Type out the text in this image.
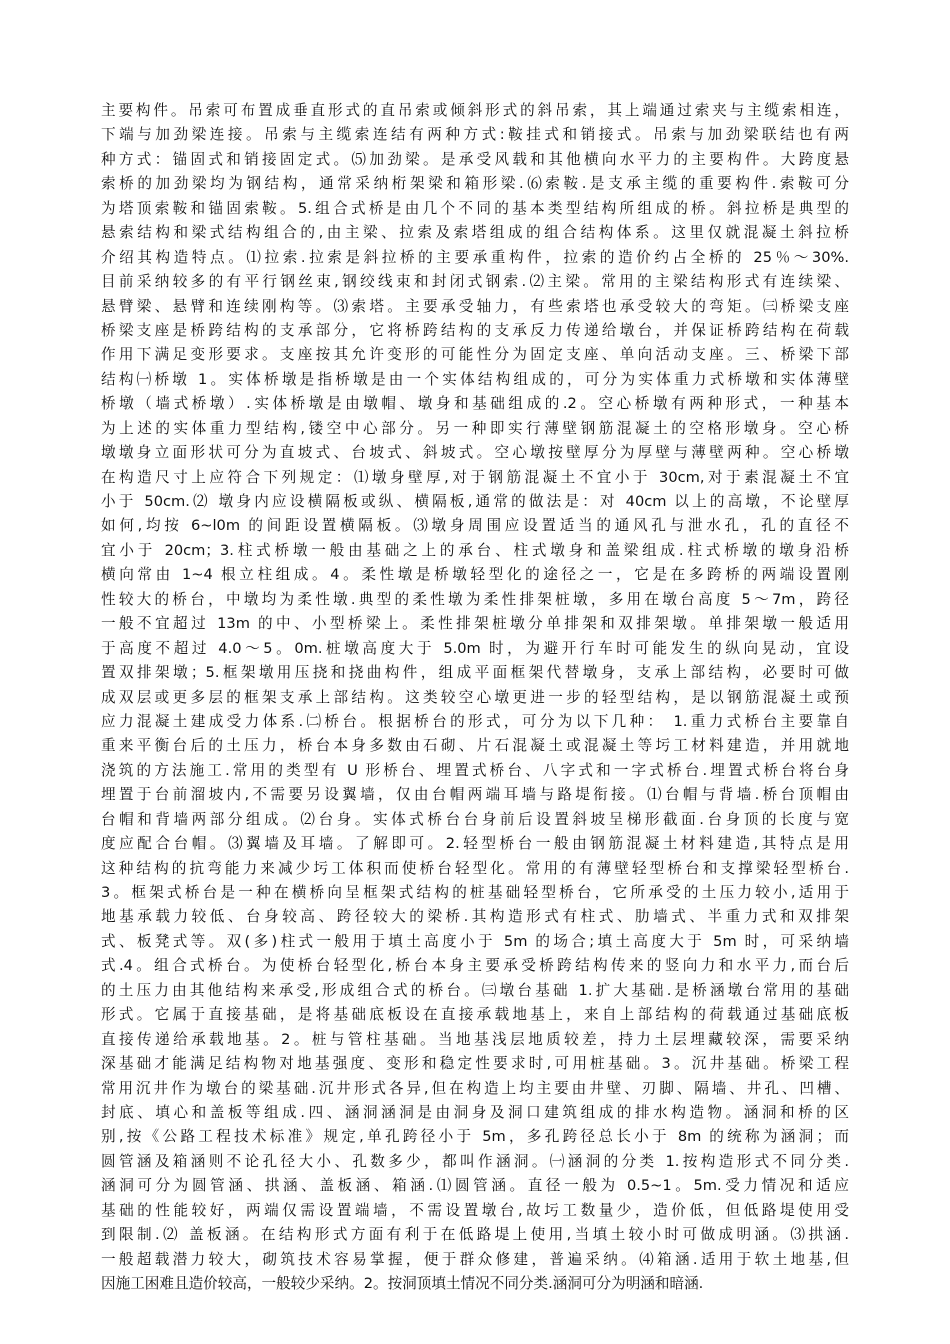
主要构件。吊索可布置成垂直形式的直吊索或倾斜形式的斜吊索，其上端通过索夹与主缆索相连，
下端与加劲梁连接。吊索与主缆索连结有两种方式:鞍挂式和销接式。吊索与加劲梁联结也有两
种方式：锚固式和销接固定式。⑸加劲梁。是承受风载和其他横向水平力的主要构件。大跨度悬
索桥的加劲梁均为钢结构，通常采纳桁架梁和箱形梁.⑹索鞍.是支承主缆的重要构件.索鞍可分
为塔顶索鞍和锚固索鞍。5.组合式桥是由几个不同的基本类型结构所组成的桥。斜拉桥是典型的
悬索结构和梁式结构组合的,由主梁、拉索及索塔组成的组合结构体系。这里仅就混凝土斜拉桥
介绍其构造特点。⑴拉索.拉索是斜拉桥的主要承重构件，拉索的造价约占全桥的 25％～30%.
目前采纳较多的有平行钢丝束,钢绞线束和封闭式钢索.⑵主梁。常用的主梁结构形式有连续梁、
悬臂梁、悬臂和连续刚构等。⑶索塔。主要承受轴力，有些索塔也承受较大的弯矩。㈢桥梁支座
桥梁支座是桥跨结构的支承部分，它将桥跨结构的支承反力传递给墩台，并保证桥跨结构在荷载
作用下满足变形要求。支座按其允许变形的可能性分为固定支座、单向活动支座。三、桥梁下部
结构㈠桥墩 1。实体桥墩是指桥墩是由一个实体结构组成的，可分为实体重力式桥墩和实体薄壁
桥墩（墙式桥墩）.实体桥墩是由墩帽、墩身和基础组成的.2。空心桥墩有两种形式，一种基本
为上述的实体重力型结构,镂空中心部分。另一种即实行薄壁钢筋混凝土的空格形墩身。空心桥
墩墩身立面形状可分为直坡式、台坡式、斜坡式。空心墩按壁厚分为厚壁与薄壁两种。空心桥墩
在构造尺寸上应符合下列规定：⑴墩身壁厚,对于钢筋混凝土不宜小于 30cm,对于素混凝土不宜
小于 50cm.⑵ 墩身内应设横隔板或纵、横隔板,通常的做法是：对 40cm 以上的高墩，不论壁厚
如何,均按 6~l0m 的间距设置横隔板。⑶墩身周围应设置适当的通风孔与泄水孔，孔的直径不
宜小于 20cm；3.柱式桥墩一般由基础之上的承台、柱式墩身和盖梁组成.柱式桥墩的墩身沿桥
横向常由 1~4 根立柱组成。4。柔性墩是桥墩轻型化的途径之一，它是在多跨桥的两端设置刚
性较大的桥台，中墩均为柔性墩.典型的柔性墩为柔性排架桩墩，多用在墩台高度 5～7m，跨径
一般不宜超过 13m 的中、小型桥梁上。柔性排架桩墩分单排架和双排架墩。单排架墩一般适用
于高度不超过 4.0～5。0m.桩墩高度大于 5.0m 时，为避开行车时可能发生的纵向晃动，宜设
置双排架墩；5.框架墩用压挠和挠曲构件，组成平面框架代替墩身，支承上部结构，必要时可做
成双层或更多层的框架支承上部结构。这类较空心墩更进一步的轻型结构，是以钢筋混凝土或预
应力混凝土建成受力体系.㈡桥台。根据桥台的形式，可分为以下几种： 1.重力式桥台主要靠自
重来平衡台后的土压力，桥台本身多数由石砌、片石混凝土或混凝土等圬工材料建造，并用就地
浇筑的方法施工.常用的类型有 U 形桥台、埋置式桥台、八字式和一字式桥台.埋置式桥台将台身
埋置于台前溜坡内,不需要另设翼墙，仅由台帽两端耳墙与路堤衔接。⑴台帽与背墙.桥台顶帽由
台帽和背墙两部分组成。⑵台身。实体式桥台台身前后设置斜坡呈梯形截面.台身顶的长度与宽
度应配合台帽。⑶翼墙及耳墙。了解即可。2.轻型桥台一般由钢筋混凝土材料建造,其特点是用
这种结构的抗弯能力来减少圬工体积而使桥台轻型化。常用的有薄壁轻型桥台和支撑梁轻型桥台.
3。框架式桥台是一种在横桥向呈框架式结构的桩基础轻型桥台，它所承受的土压力较小,适用于
地基承载力较低、台身较高、跨径较大的梁桥.其构造形式有柱式、肋墙式、半重力式和双排架
式、板凳式等。双(多)柱式一般用于填土高度小于 5m 的场合;填土高度大于 5m 时，可采纳墙
式.4。组合式桥台。为使桥台轻型化,桥台本身主要承受桥跨结构传来的竖向力和水平力,而台后
的土压力由其他结构来承受,形成组合式的桥台。㈢墩台基础 1.扩大基础.是桥涵墩台常用的基础
形式。它属于直接基础，是将基础底板设在直接承载地基上，来自上部结构的荷载通过基础底板
直接传递给承载地基。2。桩与管柱基础。当地基浅层地质较差，持力土层埋藏较深，需要采纳
深基础才能满足结构物对地基强度、变形和稳定性要求时,可用桩基础。3。沉井基础。桥梁工程
常用沉井作为墩台的梁基础.沉井形式各异,但在构造上均主要由井壁、刃脚、隔墙、井孔、凹槽、
封底、填心和盖板等组成.四、涵洞涵洞是由洞身及洞口建筑组成的排水构造物。涵洞和桥的区
别,按《公路工程技术标准》规定,单孔跨径小于 5m，多孔跨径总长小于 8m 的统称为涵洞；而
圆管涵及箱涵则不论孔径大小、孔数多少，都叫作涵洞。㈠涵洞的分类 1.按构造形式不同分类.
涵洞可分为圆管涵、拱涵、盖板涵、箱涵.⑴圆管涵。直径一般为 0.5~1。5m.受力情况和适应
基础的性能较好，两端仅需设置端墙，不需设置墩台,故圬工数量少，造价低，但低路堤使用受
到限制.⑵ 盖板涵。在结构形式方面有利于在低路堤上使用,当填土较小时可做成明涵。⑶拱涵.
一般超载潜力较大，砌筑技术容易掌握，便于群众修建，普遍采纳。⑷箱涵.适用于软土地基,但
因施工困难且造价较高，一般较少采纳。2。按洞顶填土情况不同分类.涵洞可分为明涵和暗涵.
